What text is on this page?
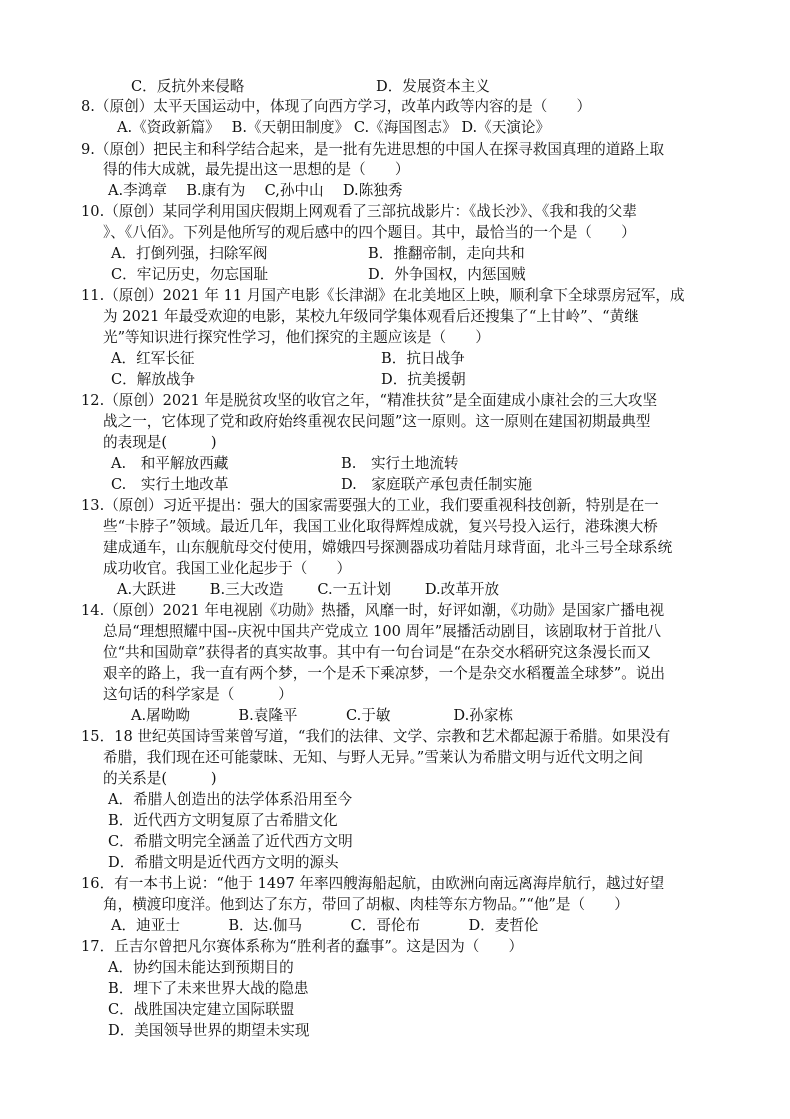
C．反抗外来侵略	D．发展资本主义
8.（原创）太平天国运动中，体现了向西方学习，改革内政等内容的是（　　）
A.《资政新篇》　 B.《天朝田制度》 C.《海国图志》 D.《天演论》
9.（原创）把民主和科学结合起来，是一批有先进思想的中国人在探寻救国真理的道路上取
得的伟大成就，最先提出这一思想的是（　　）
A.李鸿章　 B.康有为　 C,孙中山　 D.陈独秀
10.（原创）某同学利用国庆假期上网观看了三部抗战影片：《战长沙》、《我和我的父辈
》、《八佰》。下列是他所写的观后感中的四个题目。其中，最恰当的一个是（　　）
A．打倒列强，扫除军阀	B．推翻帝制，走向共和
C．牢记历史，勿忘国耻	D．外争国权，内惩国贼
11.（原创）2021 年 11 月国产电影《长津湖》在北美地区上映，顺利拿下全球票房冠军，成
为 2021 年最受欢迎的电影，某校九年级同学集体观看后还搜集了“上甘岭”、“黄继
光”等知识进行探究性学习，他们探究的主题应该是（　　）
A．红军长征	B．抗日战争
C．解放战争	D．抗美援朝
12.（原创）2021 年是脱贫攻坚的收官之年，“精准扶贫”是全面建成小康社会的三大攻坚
战之一，它体现了党和政府始终重视农民问题”这一原则。这一原则在建国初期最典型
的表现是(　　　)
A.　和平解放西藏	B.　实行土地流转
C.　实行土地改革	D.　家庭联产承包责任制实施
13.（原创）习近平提出：强大的国家需要强大的工业，我们要重视科技创新，特别是在一
些“卡脖子”领域。最近几年，我国工业化取得辉煌成就，复兴号投入运行，港珠澳大桥
建成通车，山东舰航母交付使用，嫦娥四号探测器成功着陆月球背面，北斗三号全球系统
成功收官。我国工业化起步于（　　）
A.大跃进　　 B.三大改造　　 C.一五计划　　 D.改革开放
14.（原创）2021 年电视剧《功勋》热播，风靡一时，好评如潮，《功勋》是国家广播电视
总局“理想照耀中国--庆祝中国共产党成立 100 周年”展播活动剧目，该剧取材于首批八
位“共和国勋章”获得者的真实故事。其中有一句台词是“在杂交水稻研究这条漫长而又
艰辛的路上，我一直有两个梦，一个是禾下乘凉梦，一个是杂交水稻覆盖全球梦”。说出
这句话的科学家是（　　　）
A.屠呦呦　　　 B.袁隆平　　　 C.于敏　　　　 D.孙家栋
15．18 世纪英国诗雪莱曾写道，“我们的法律、文学、宗教和艺术都起源于希腊。如果没有
希腊，我们现在还可能蒙昧、无知、与野人无异。”雪莱认为希腊文明与近代文明之间
的关系是(　　　)
A．希腊人创造出的法学体系沿用至今
B．近代西方文明复原了古希腊文化
C．希腊文明完全涵盖了近代西方文明
D．希腊文明是近代西方文明的源头
16．有一本书上说：“他于 1497 年率四艘海船起航，由欧洲向南远离海岸航行，越过好望
角，横渡印度洋。他到达了东方，带回了胡椒、肉桂等东方物品。”“他”是（　　）
A．迪亚士　　　 B．达.伽马　　　 C．哥伦布　　　 D．麦哲伦
17．丘吉尔曾把凡尔赛体系称为“胜利者的蠢事”。这是因为（　　）
A．协约国未能达到预期目的
B．埋下了未来世界大战的隐患
C．战胜国决定建立国际联盟
D．美国领导世界的期望未实现
